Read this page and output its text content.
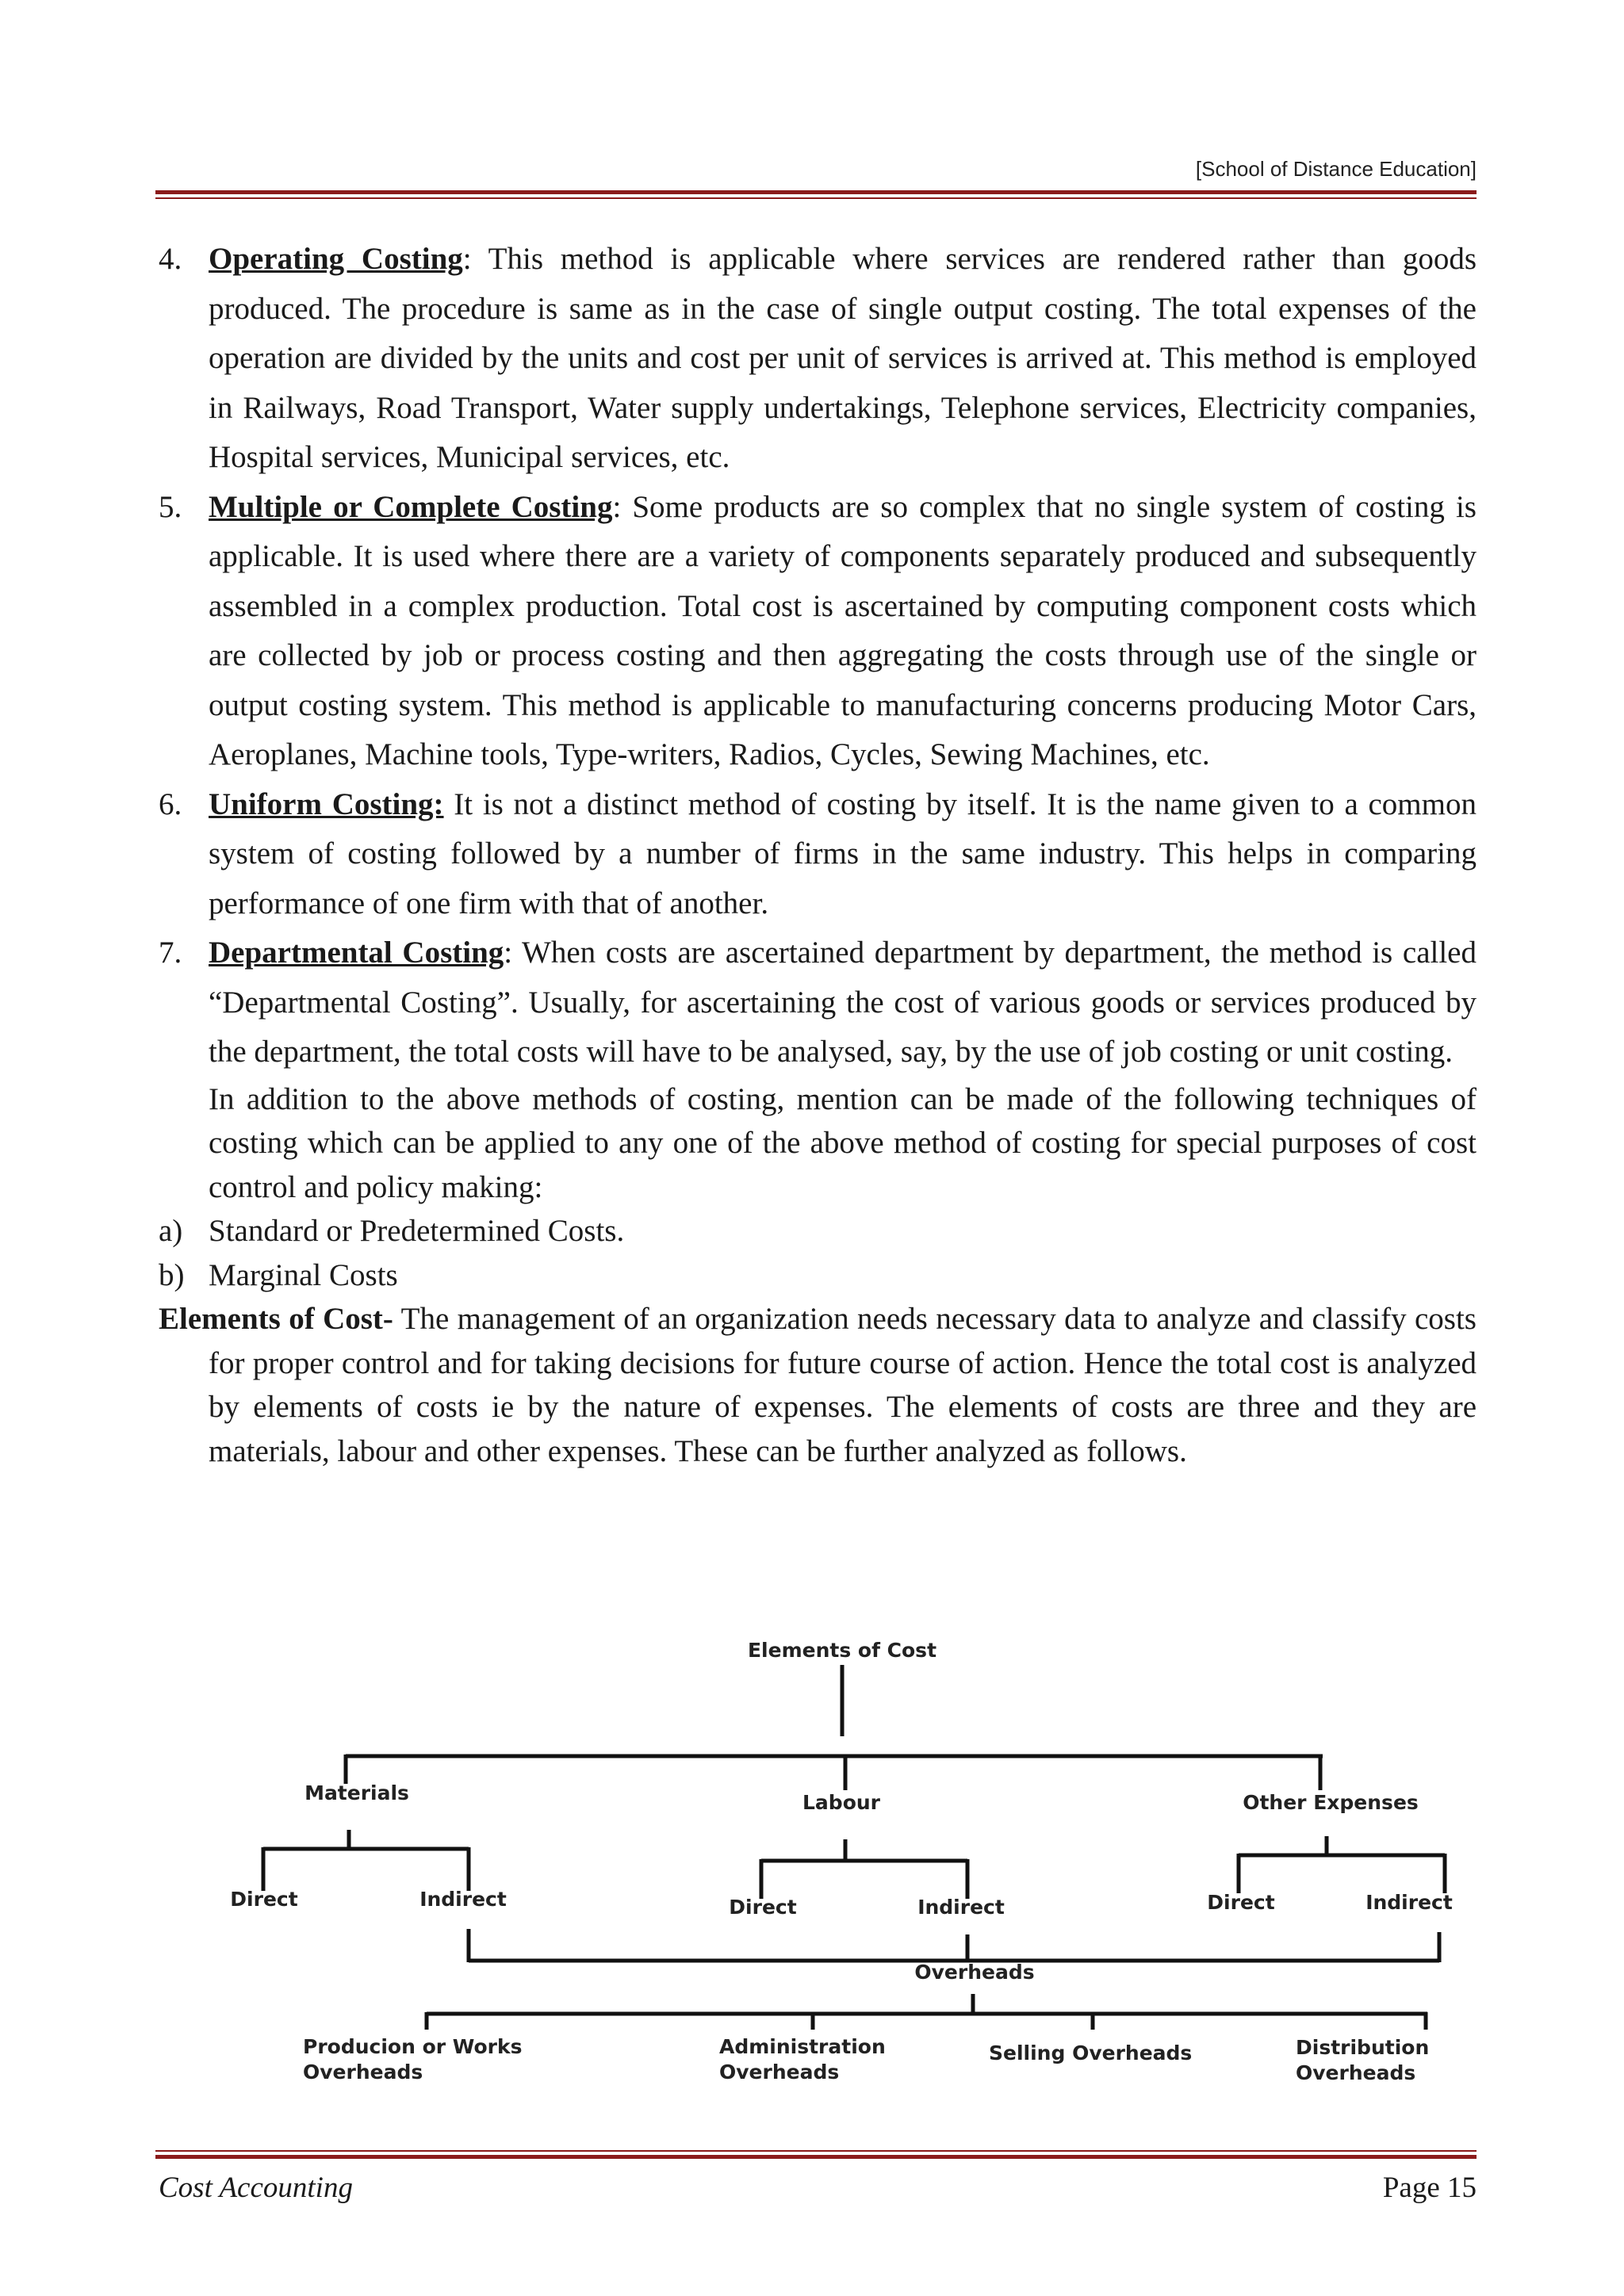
[School of Distance Education]
4. Operating Costing: This method is applicable where services are rendered rather than goods produced. The procedure is same as in the case of single output costing. The total expenses of the operation are divided by the units and cost per unit of services is arrived at. This method is employed in Railways, Road Transport, Water supply undertakings, Telephone services, Electricity companies, Hospital services, Municipal services, etc.
5. Multiple or Complete Costing: Some products are so complex that no single system of costing is applicable. It is used where there are a variety of components separately produced and subsequently assembled in a complex production. Total cost is ascertained by computing component costs which are collected by job or process costing and then aggregating the costs through use of the single or output costing system. This method is applicable to manufacturing concerns producing Motor Cars, Aeroplanes, Machine tools, Type-writers, Radios, Cycles, Sewing Machines, etc.
6. Uniform Costing: It is not a distinct method of costing by itself. It is the name given to a common system of costing followed by a number of firms in the same industry. This helps in comparing performance of one firm with that of another.
7. Departmental Costing: When costs are ascertained department by department, the method is called “Departmental Costing”. Usually, for ascertaining the cost of various goods or services produced by the department, the total costs will have to be analysed, say, by the use of job costing or unit costing.
In addition to the above methods of costing, mention can be made of the following techniques of costing which can be applied to any one of the above method of costing for special purposes of cost control and policy making:
a) Standard or Predetermined Costs.
b) Marginal Costs
Elements of Cost- The management of an organization needs necessary data to analyze and classify costs for proper control and for taking decisions for future course of action. Hence the total cost is analyzed by elements of costs ie by the nature of expenses. The elements of costs are three and they are materials, labour and other expenses. These can be further analyzed as follows.
Elements of Cost
Materials	Labour	Other Expenses
Direct	Indirect	Direct	Indirect	Direct	Indirect
Overheads
Producion or Works
Overheads
Administration
Overheads
Selling Overheads	Distribution
Overheads
Cost Accounting	Page 15
